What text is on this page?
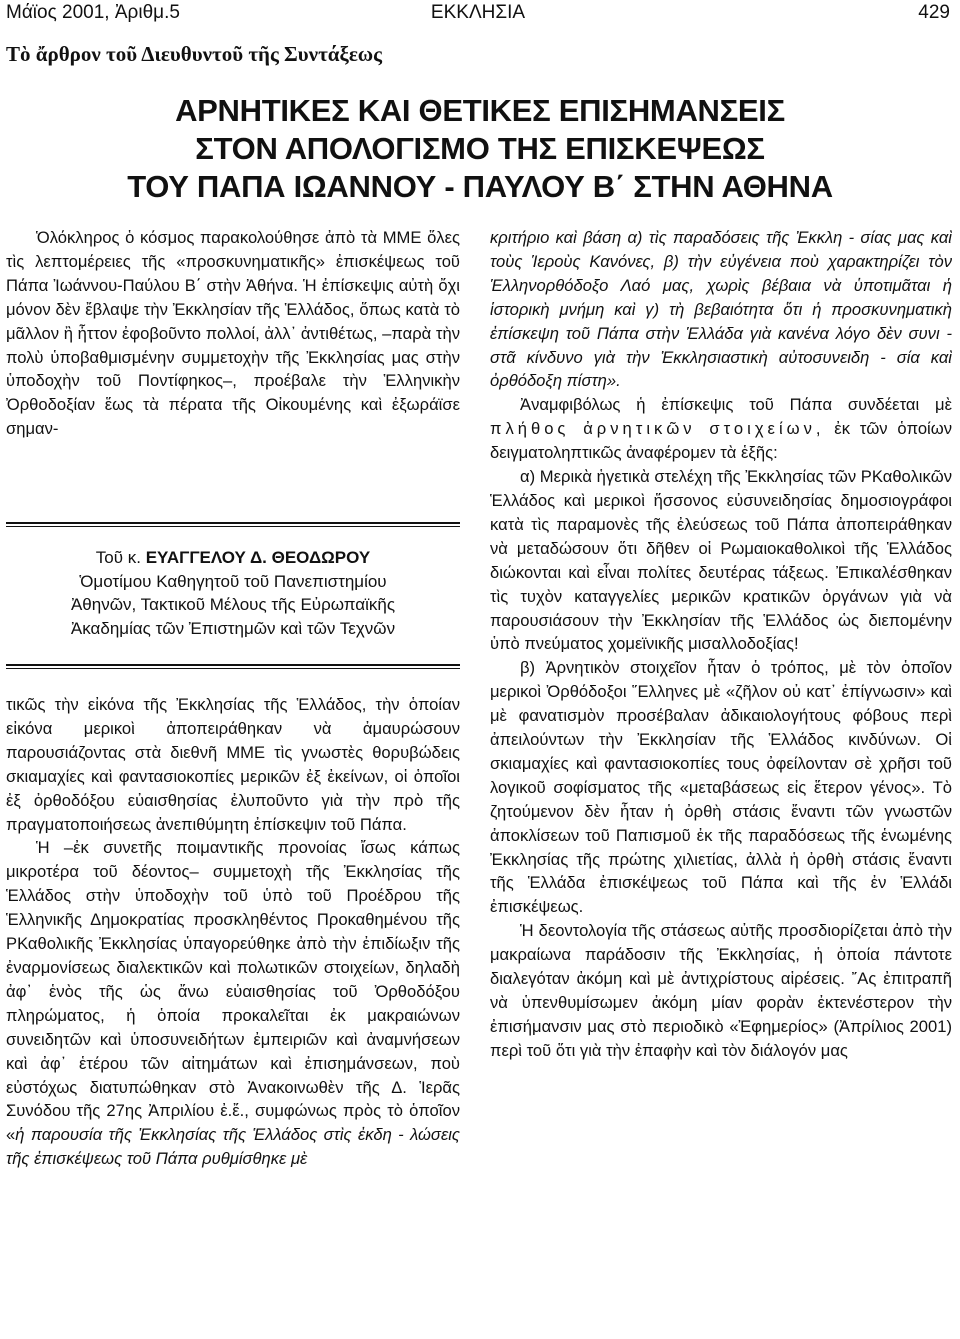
Μάϊος 2001, Ἀριθμ.5	ΕΚΚΛΗΣΙΑ	429
Τὸ ἄρθρον τοῦ Διευθυντοῦ τῆς Συντάξεως
ΑΡΝΗΤΙΚΕΣ ΚΑΙ ΘΕΤΙΚΕΣ ΕΠΙΣΗΜΑΝΣΕΙΣ
ΣΤΟΝ ΑΠΟΛΟΓΙΣΜΟ ΤΗΣ ΕΠΙΣΚΕΨΕΩΣ
ΤΟΥ ΠΑΠΑ ΙΩΑΝΝΟΥ - ΠΑΥΛΟΥ Β΄ ΣΤΗΝ ΑΘΗΝΑ

Ὁλόκληρος ὁ κόσμος παρακολούθησε ἀπὸ τὰ ΜΜΕ ὅλες τὶς λεπτομέρειες τῆς «προσκυνηματικῆς» ἐπισκέψεως τοῦ Πάπα Ἰωάννου-Παύλου Β΄ στὴν Ἀθήνα. Ἡ ἐπίσκεψις αὐτὴ ὄχι μόνον δὲν ἔβλαψε τὴν Ἐκκλησίαν τῆς Ἑλλάδος, ὅπως κατὰ τὸ μᾶλλον ἢ ἧττον ἐφοβοῦντο πολλοί, ἀλλ᾽ ἀντιθέτως, –παρὰ τὴν πολὺ ὑποβαθμισμένην συμμετοχὴν τῆς Ἐκκλησίας μας στὴν ὑποδοχὴν τοῦ Ποντίφηκος–, προέβαλε τὴν Ἑλληνικὴν Ὀρθοδοξίαν ἕως τὰ πέρατα τῆς Οἰκουμένης καὶ ἐξωράϊσε σημαν-

Τοῦ κ. ΕΥΑΓΓΕΛΟΥ Δ. ΘΕΟΔΩΡΟΥ
Ὁμοτίμου Καθηγητοῦ τοῦ Πανεπιστημίου
Ἀθηνῶν, Τακτικοῦ Μέλους τῆς Εὐρωπαϊκῆς
Ἀκαδημίας τῶν Ἐπιστημῶν καὶ τῶν Τεχνῶν

τικῶς τὴν εἰκόνα τῆς Ἐκκλησίας τῆς Ἑλλάδος, τὴν ὁποίαν εἰκόνα μερικοὶ ἀποπειράθηκαν νὰ ἀμαυρώσουν παρουσιάζοντας στὰ διεθνῆ ΜΜΕ τὶς γνωστὲς θορυβώδεις σκιαμαχίες καὶ φαντασιοκοπίες μερικῶν ἐξ ἐκείνων, οἱ ὁποῖοι ἐξ ὀρθοδόξου εὐαισθησίας ἐλυποῦντο γιὰ τὴν πρὸ τῆς πραγματοποιήσεως ἀνεπιθύμητη ἐπίσκεψιν τοῦ Πάπα.

Ἡ –ἐκ συνετῆς ποιμαντικῆς προνοίας ἴσως κάπως μικροτέρα τοῦ δέοντος– συμμετοχὴ τῆς Ἐκκλησίας τῆς Ἑλλάδος στὴν ὑποδοχὴν τοῦ ὑπὸ τοῦ Προέδρου τῆς Ἑλληνικῆς Δημοκρατίας προσκληθέντος Προκαθημένου τῆς ΡΚαθολικῆς Ἐκκλησίας ὑπαγορεύθηκε ἀπὸ τὴν ἐπιδίωξιν τῆς ἐναρμονίσεως διαλεκτικῶν καὶ πολωτικῶν στοιχείων, δηλαδὴ ἀφ᾽ ἑνὸς τῆς ὡς ἄνω εὐαισθησίας τοῦ Ὀρθοδόξου πληρώματος, ἡ ὁποία προκαλεῖται ἐκ μακραιώνων συνειδητῶν καὶ ὑποσυνειδήτων ἐμπειριῶν καὶ ἀναμνήσεων καὶ ἀφ᾽ ἑτέρου τῶν αἰτημάτων καὶ ἐπισημάνσεων, ποὺ εὐστόχως διατυπώθηκαν στὸ Ἀνακοινωθὲν τῆς Δ. Ἱερᾶς Συνόδου τῆς 27ης Ἀπριλίου ἐ.ἔ., συμφώνως πρὸς τὸ ὁποῖον «ἡ παρουσία τῆς Ἐκκλησίας τῆς Ἑλλάδος στὶς ἐκδη - λώσεις τῆς ἐπισκέψεως τοῦ Πάπα ρυθμίσθηκε μὲ

κριτήριο καὶ βάση α) τὶς παραδόσεις τῆς Ἐκκλη - σίας μας καὶ τοὺς Ἱεροὺς Κανόνες, β) τὴν εὐγένεια ποὺ χαρακτηρίζει τὸν Ἑλληνορθόδοξο Λαό μας, χωρὶς βέβαια νὰ ὑποτιμᾶται ἡ ἱστορικὴ μνήμη καὶ γ) τὴ βεβαιότητα ὅτι ἡ προσκυνηματικὴ ἐπίσκεψη τοῦ Πάπα στὴν Ἑλλάδα γιὰ κανένα λόγο δὲν συνι - στᾶ κίνδυνο γιὰ τὴν Ἐκκλησιαστικὴ αὐτοσυνειδη - σία καὶ ὀρθόδοξη πίστη».

Ἀναμφιβόλως ἡ ἐπίσκεψις τοῦ Πάπα συνδέεται μὲ πλήθος ἀρνητικῶν στοιχείων, ἐκ τῶν ὁποίων δειγματοληπτικῶς ἀναφέρομεν τὰ ἑξῆς:

α) Μερικὰ ἡγετικὰ στελέχη τῆς Ἐκκλησίας τῶν ΡΚαθολικῶν Ἑλλάδος καὶ μερικοὶ ἥσσονος εὐσυνειδησίας δημοσιογράφοι κατὰ τὶς παραμονὲς τῆς ἐλεύσεως τοῦ Πάπα ἀποπειράθηκαν νὰ μεταδώσουν ὅτι δῆθεν οἱ Ρωμαιοκαθολικοὶ τῆς Ἑλλάδος διώκονται καὶ εἶναι πολίτες δευτέρας τάξεως. Ἐπικαλέσθηκαν τὶς τυχὸν καταγγελίες μερικῶν κρατικῶν ὀργάνων γιὰ νὰ παρουσιάσουν τὴν Ἐκκλησίαν τῆς Ἑλλάδος ὡς διεπομένην ὑπὸ πνεύματος χομεϊνικῆς μισαλλοδοξίας!

β) Ἀρνητικὸν στοιχεῖον ἦταν ὁ τρόπος, μὲ τὸν ὁποῖον μερικοὶ Ὀρθόδοξοι ῞Ελληνες μὲ «ζῆλον οὐ κατ᾽ ἐπίγνωσιν» καὶ μὲ φανατισμὸν προσέβαλαν ἀδικαιολογήτους φόβους περὶ ἀπειλούντων τὴν Ἐκκλησίαν τῆς Ἑλλάδος κινδύνων. Οἱ σκιαμαχίες καὶ φαντασιοκοπίες τους ὀφείλονταν σὲ χρῆσι τοῦ λογικοῦ σοφίσματος τῆς «μεταβάσεως εἰς ἕτερον γένος». Τὸ ζητούμενον δὲν ἦταν ἡ ὀρθὴ στάσις ἔναντι τῶν γνωστῶν ἀποκλίσεων τοῦ Παπισμοῦ ἐκ τῆς παραδόσεως τῆς ἑνωμένης Ἐκκλησίας τῆς πρώτης χιλιετίας, ἀλλὰ ἡ ὀρθὴ στάσις ἔναντι τῆς Ἑλλάδα ἐπισκέψεως τοῦ Πάπα καὶ τῆς ἐν Ἑλλάδι ἐπισκέψεως.

Ἡ δεοντολογία τῆς στάσεως αὐτῆς προσδιορίζεται ἀπὸ τὴν μακραίωνα παράδοσιν τῆς Ἐκκλησίας, ἡ ὁποία πάντοτε διαλεγόταν ἀκόμη καὶ μὲ ἀντιχρίστους αἱρέσεις. ῎Ας ἐπιτραπῆ νὰ ὑπενθυμίσωμεν ἀκόμη μίαν φορὰν ἐκτενέστερον τὴν ἐπισήμανσιν μας στὸ περιοδικὸ «Ἐφημερίος» (Ἀπρίλιος 2001) περὶ τοῦ ὅτι γιὰ τὴν ἐπαφὴν καὶ τὸν διάλογόν μας
